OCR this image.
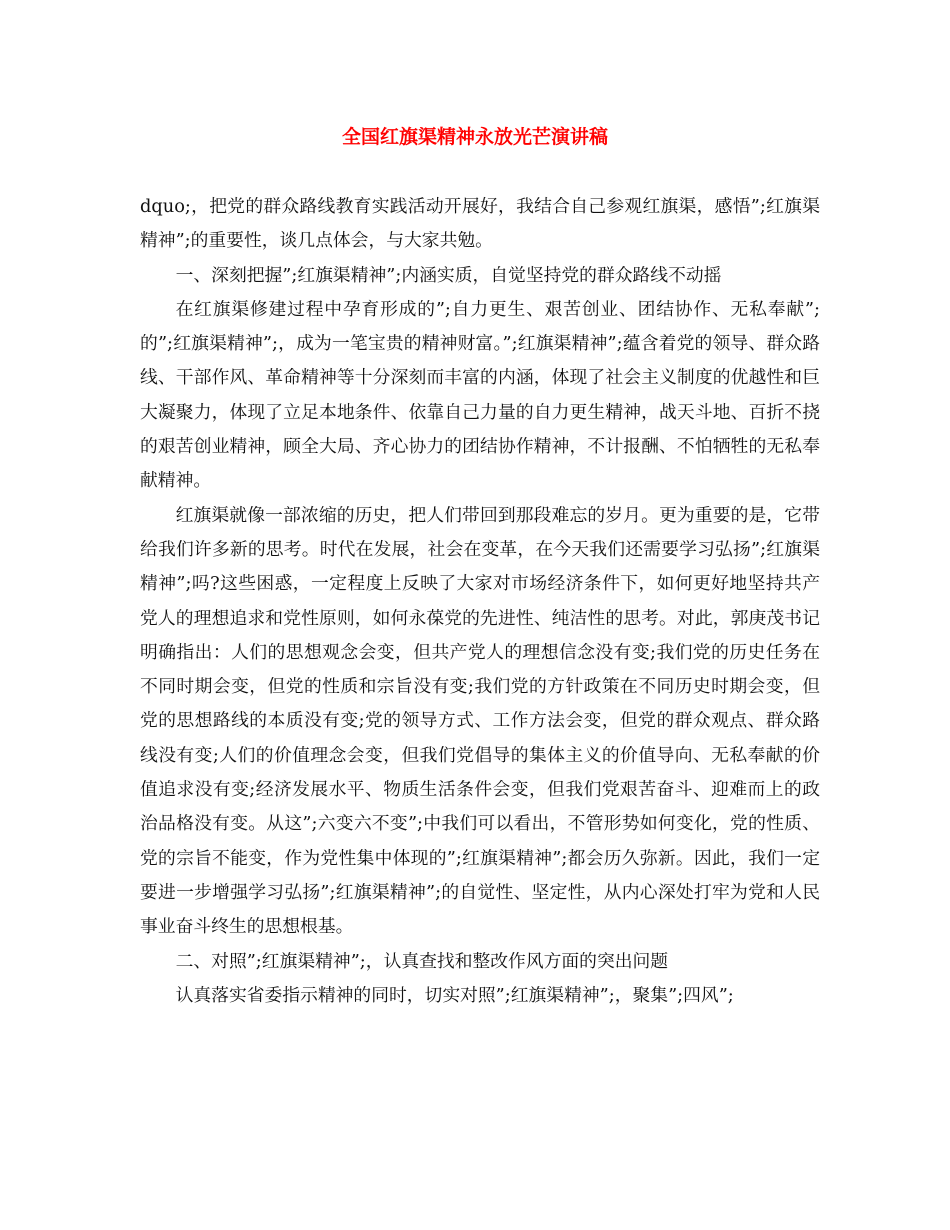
全国红旗渠精神永放光芒演讲稿

dquo;，把党的群众路线教育实践活动开展好，我结合自己参观红旗渠，感悟”;红旗渠精神”;的重要性，谈几点体会，与大家共勉。

一、深刻把握”;红旗渠精神”;内涵实质，自觉坚持党的群众路线不动摇

在红旗渠修建过程中孕育形成的”;自力更生、艰苦创业、团结协作、无私奉献”;的”;红旗渠精神”;，成为一笔宝贵的精神财富。”;红旗渠精神”;蕴含着党的领导、群众路线、干部作风、革命精神等十分深刻而丰富的内涵，体现了社会主义制度的优越性和巨大凝聚力，体现了立足本地条件、依靠自己力量的自力更生精神，战天斗地、百折不挠的艰苦创业精神，顾全大局、齐心协力的团结协作精神，不计报酬、不怕牺牲的无私奉献精神。

红旗渠就像一部浓缩的历史，把人们带回到那段难忘的岁月。更为重要的是，它带给我们许多新的思考。时代在发展，社会在变革，在今天我们还需要学习弘扬”;红旗渠精神”;吗?这些困惑，一定程度上反映了大家对市场经济条件下，如何更好地坚持共产党人的理想追求和党性原则，如何永葆党的先进性、纯洁性的思考。对此，郭庚茂书记明确指出：人们的思想观念会变，但共产党人的理想信念没有变;我们党的历史任务在不同时期会变，但党的性质和宗旨没有变;我们党的方针政策在不同历史时期会变，但党的思想路线的本质没有变;党的领导方式、工作方法会变，但党的群众观点、群众路线没有变;人们的价值理念会变，但我们党倡导的集体主义的价值导向、无私奉献的价值追求没有变;经济发展水平、物质生活条件会变，但我们党艰苦奋斗、迎难而上的政治品格没有变。从这”;六变六不变”;中我们可以看出，不管形势如何变化，党的性质、党的宗旨不能变，作为党性集中体现的”;红旗渠精神”;都会历久弥新。因此，我们一定要进一步增强学习弘扬”;红旗渠精神”;的自觉性、坚定性，从内心深处打牢为党和人民事业奋斗终生的思想根基。

二、对照”;红旗渠精神”;，认真查找和整改作风方面的突出问题

认真落实省委指示精神的同时，切实对照”;红旗渠精神”;，聚集”;四风”;
